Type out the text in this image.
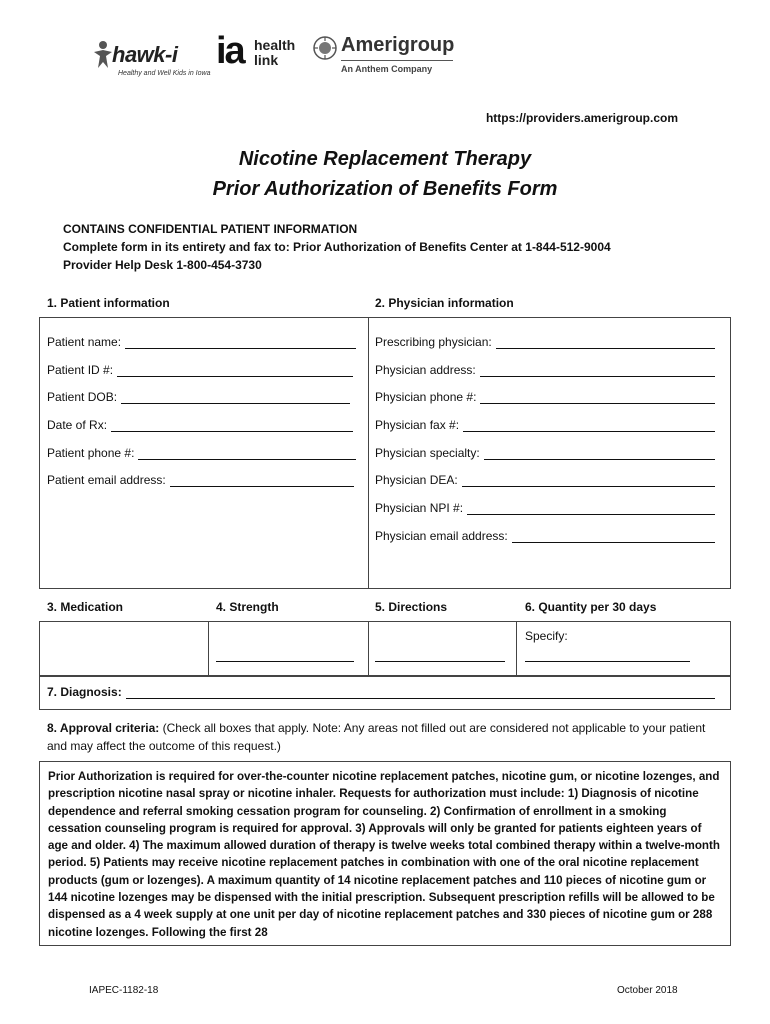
hawk-i
Healthy and Well Kids in Iowa
ia health
link
Amerigroup
An Anthem Company
https://providers.amerigroup.com
Nicotine Replacement Therapy
Prior Authorization of Benefits Form
CONTAINS CONFIDENTIAL PATIENT INFORMATION
Complete form in its entirety and fax to: Prior Authorization of Benefits Center at 1-844-512-9004
Provider Help Desk 1-800-454-3730
1. Patient information	2. Physician information
Patient name:
Patient ID #:
Patient DOB:
Date of Rx:
Patient phone #:
Patient email address:
Prescribing physician:
Physician address:
Physician phone #:
Physician fax #:
Physician specialty:
Physician DEA:
Physician NPI #:
Physician email address:
3. Medication	4. Strength	5. Directions	6. Quantity per 30 days
Specify:
7. Diagnosis:
8. Approval criteria: (Check all boxes that apply. Note: Any areas not filled out are considered not applicable to your patient and may affect the outcome of this request.)
Prior Authorization is required for over-the-counter nicotine replacement patches, nicotine gum, or nicotine lozenges, and prescription nicotine nasal spray or nicotine inhaler. Requests for authorization must include: 1) Diagnosis of nicotine dependence and referral smoking cessation program for counseling. 2) Confirmation of enrollment in a smoking cessation counseling program is required for approval. 3) Approvals will only be granted for patients eighteen years of age and older. 4) The maximum allowed duration of therapy is twelve weeks total combined therapy within a twelve-month period. 5) Patients may receive nicotine replacement patches in combination with one of the oral nicotine replacement products (gum or lozenges). A maximum quantity of 14 nicotine replacement patches and 110 pieces of nicotine gum or 144 nicotine lozenges may be dispensed with the initial prescription. Subsequent prescription refills will be allowed to be dispensed as a 4 week supply at one unit per day of nicotine replacement patches and 330 pieces of nicotine gum or 288 nicotine lozenges. Following the first 28
IAPEC-1182-18	October 2018
